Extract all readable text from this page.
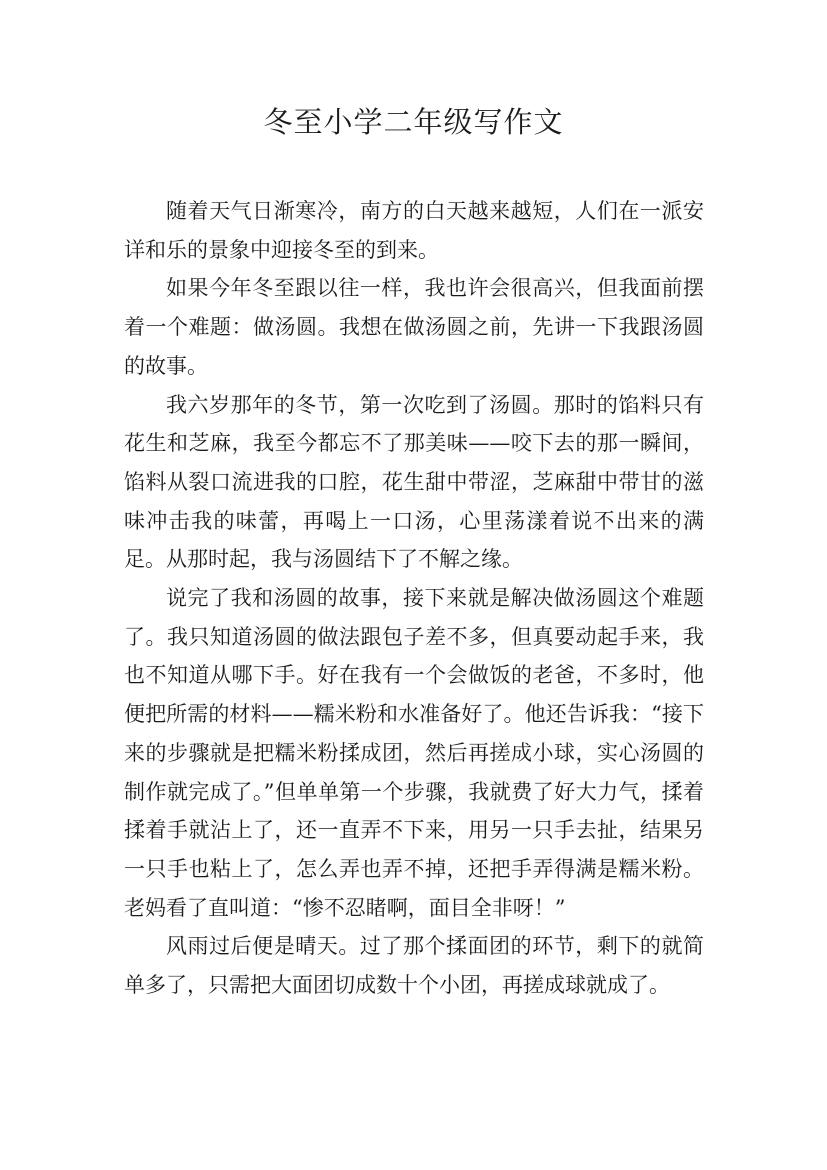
冬至小学二年级写作文

随着天气日渐寒冷，南方的白天越来越短，人们在一派安详和乐的景象中迎接冬至的到来。

如果今年冬至跟以往一样，我也许会很高兴，但我面前摆着一个难题：做汤圆。我想在做汤圆之前，先讲一下我跟汤圆的故事。

我六岁那年的冬节，第一次吃到了汤圆。那时的馅料只有花生和芝麻，我至今都忘不了那美味——咬下去的那一瞬间，馅料从裂口流进我的口腔，花生甜中带涩，芝麻甜中带甘的滋味冲击我的味蕾，再喝上一口汤，心里荡漾着说不出来的满足。从那时起，我与汤圆结下了不解之缘。

说完了我和汤圆的故事，接下来就是解决做汤圆这个难题了。我只知道汤圆的做法跟包子差不多，但真要动起手来，我也不知道从哪下手。好在我有一个会做饭的老爸，不多时，他便把所需的材料——糯米粉和水准备好了。他还告诉我：“接下来的步骤就是把糯米粉揉成团，然后再搓成小球，实心汤圆的制作就完成了。”但单单第一个步骤，我就费了好大力气，揉着揉着手就沾上了，还一直弄不下来，用另一只手去扯，结果另一只手也粘上了，怎么弄也弄不掉，还把手弄得满是糯米粉。老妈看了直叫道：“惨不忍睹啊，面目全非呀！”

风雨过后便是晴天。过了那个揉面团的环节，剩下的就简单多了，只需把大面团切成数十个小团，再搓成球就成了。
